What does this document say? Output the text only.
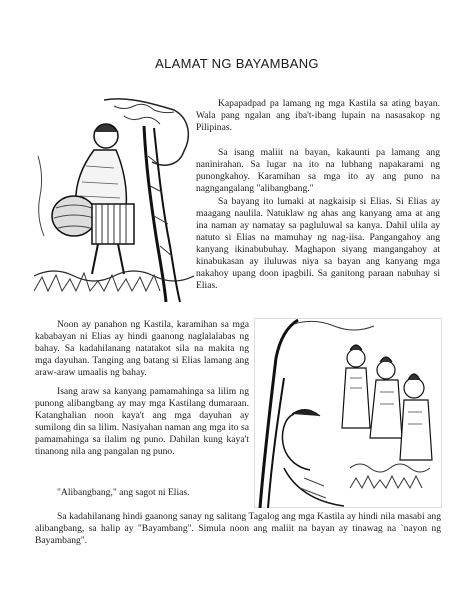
ALAMAT NG BAYAMBANG

Kapapadpad pa lamang ng mga Kastila sa ating bayan. Wala pang ngalan ang iba't-ibang lupain na nasasakop ng Pilipinas.

Sa isang maliit na bayan, kakaunti pa lamang ang naninirahan. Sa lugar na ito na lubhang napakarami ng punongkahoy. Karamihan sa mga ito ay ang puno na nagngangalang "alibangbang."

Sa bayang ito lumaki at nagkaisip si Elias. Si Elias ay maagang naulila. Natuklaw ng ahas ang kanyang ama at ang ina naman ay namatay sa pagluluwal sa kanya. Dahil ulila ay natuto si Elias na mamuhay ng nag-iisa. Pangangahoy ang kanyang ikinabubuhay. Maghapon siyang mangangahoy at kinabukasan ay iluluwas niya sa bayan ang kanyang mga nakahoy upang doon ipagbili. Sa ganitong paraan nabuhay si Elias.

Noon ay panahon ng Kastila, karamihan sa mga kababayan ni Elias ay hindi gaanong naglalalabas ng bahay. Sa kadahilanang natatakot sila na makita ng mga dayuhan. Tanging ang batang si Elias lamang ang araw-araw umaalis ng bahay.

Isang araw sa kanyang pamamahinga sa lilim ng punong alibangbang ay may mga Kastilang dumaraan. Katanghalian noon kaya't ang mga dayuhan ay sumilong din sa lilim. Nasiyahan naman ang mga ito sa pamamahinga sa ilalim ng puno. Dahilan kung kaya't tinanong nila ang pangalan ng puno.

"Alibangbang," ang sagot ni Elias.

Sa kadahilanang hindi gaanong sanay ng salitang Tagalog ang mga Kastila ay hindi nila masabi ang alibangbang, sa halip ay "Bayambang". Simula noon ang maliit na bayan ay tinawag na `nayon ng Bayambang".
